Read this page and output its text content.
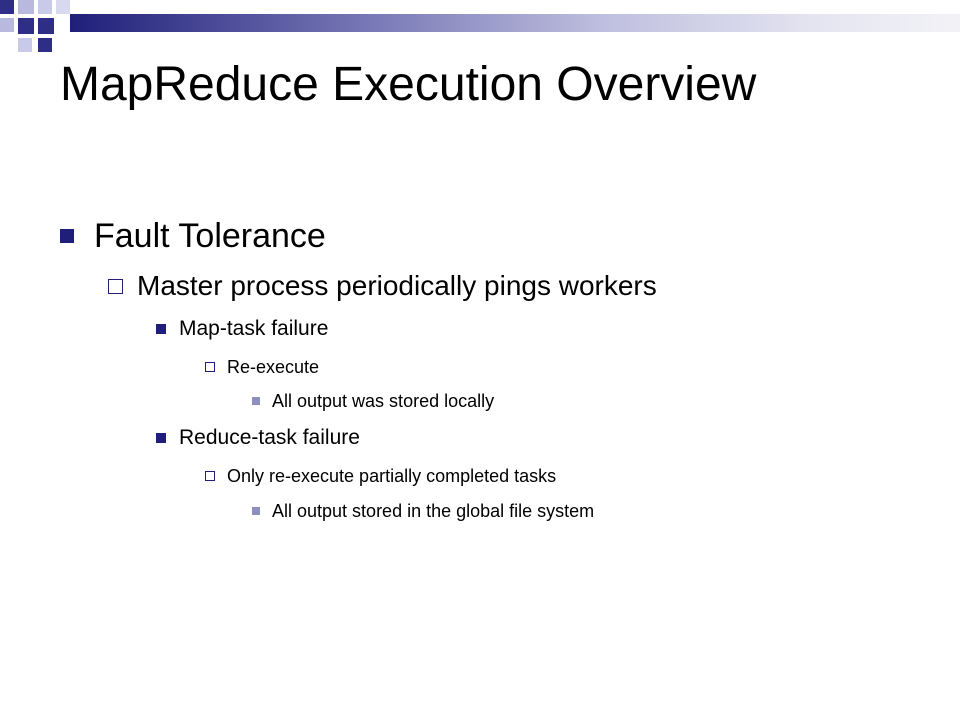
MapReduce Execution Overview
Fault Tolerance
Master process periodically pings workers
Map-task failure
Re-execute
All output was stored locally
Reduce-task failure
Only re-execute partially completed tasks
All output stored in the global file system
